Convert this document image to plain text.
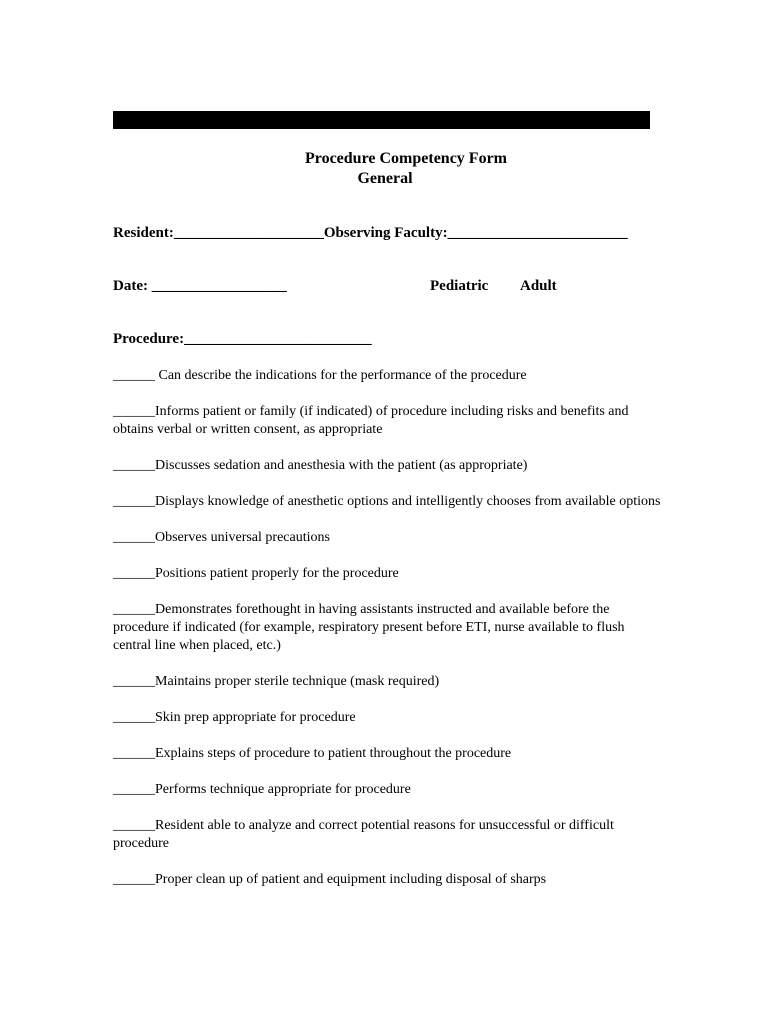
Procedure Competency Form
General
Resident:____________________Observing Faculty:________________________
Date: __________________	Pediatric Adult
Procedure:_________________________

______ Can describe the indications for the performance of the procedure

______Informs patient or family (if indicated) of procedure including risks and benefits and obtains verbal or written consent, as appropriate

______Discusses sedation and anesthesia with the patient (as appropriate)

______Displays knowledge of anesthetic options and intelligently chooses from available options

______Observes universal precautions

______Positions patient properly for the procedure

______Demonstrates forethought in having assistants instructed and available before the procedure if indicated (for example, respiratory present before ETI, nurse available to flush central line when placed, etc.)

______Maintains proper sterile technique (mask required)

______Skin prep appropriate for procedure

______Explains steps of procedure to patient throughout the procedure

______Performs technique appropriate for procedure

______Resident able to analyze and correct potential reasons for unsuccessful or difficult procedure

______Proper clean up of patient and equipment including disposal of sharps
